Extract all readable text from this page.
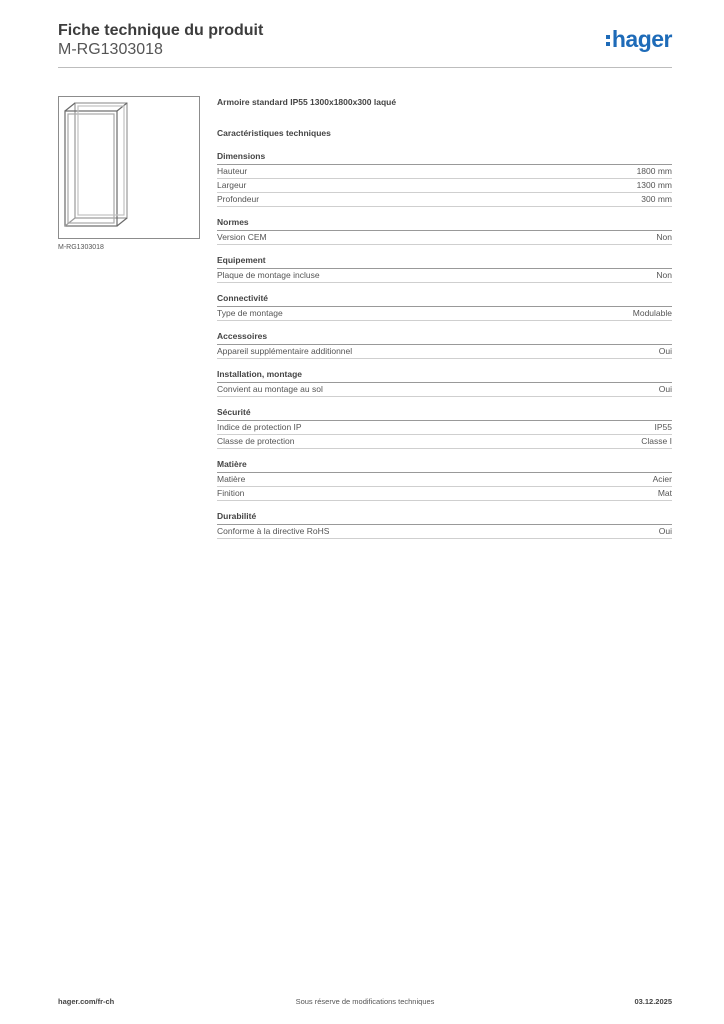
Fiche technique du produit
M-RG1303018	hager
M-RG1303018
Armoire standard IP55 1300x1800x300 laqué
Caractéristiques techniques
Dimensions
Hauteur	1800 mm
Largeur	1300 mm
Profondeur	300 mm
Normes
Version CEM	Non
Equipement
Plaque de montage incluse	Non
Connectivité
Type de montage	Modulable
Accessoires
Appareil supplémentaire additionnel	Oui
Installation, montage
Convient au montage au sol	Oui
Sécurité
Indice de protection IP	IP55
Classe de protection	Classe I
Matière
Matière	Acier
Finition	Mat
Durabilité
Conforme à la directive RoHS	Oui
hager.com/fr-ch	Sous réserve de modifications techniques	03.12.2025
